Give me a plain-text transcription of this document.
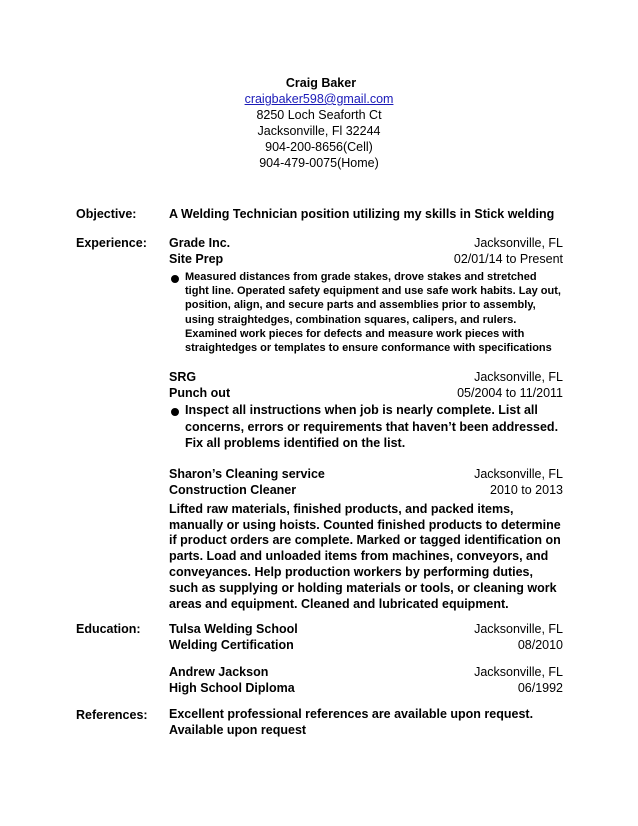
Craig Baker
craigbaker598@gmail.com
8250 Loch Seaforth Ct
Jacksonville, Fl 32244
904-200-8656(Cell)
904-479-0075(Home)
Objective:	A Welding Technician position utilizing my skills in Stick welding
Experience:	Grade Inc.	Jacksonville, FL
Site Prep	02/01/14 to Present
Measured distances from grade stakes, drove stakes and stretched tight line. Operated safety equipment and use safe work habits. Lay out, position, align, and secure parts and assemblies prior to assembly, using straightedges, combination squares, calipers, and rulers. Examined work pieces for defects and measure work pieces with straightedges or templates to ensure conformance with specifications
SRG	Jacksonville, FL
Punch out	05/2004 to 11/2011
Inspect all instructions when job is nearly complete. List all concerns, errors or requirements that haven’t been addressed. Fix all problems identified on the list.
Sharon’s Cleaning service	Jacksonville, FL
Construction Cleaner	2010 to 2013
Lifted raw materials, finished products, and packed items, manually or using hoists. Counted finished products to determine if product orders are complete. Marked or tagged identification on parts. Load and unloaded items from machines, conveyors, and conveyances. Help production workers by performing duties, such as supplying or holding materials or tools, or cleaning work areas and equipment. Cleaned and lubricated equipment.
Education:	Tulsa Welding School	Jacksonville, FL
Welding Certification	08/2010
Andrew Jackson	Jacksonville, FL
High School Diploma	06/1992
References:	Excellent professional references are available upon request.
Available upon request
